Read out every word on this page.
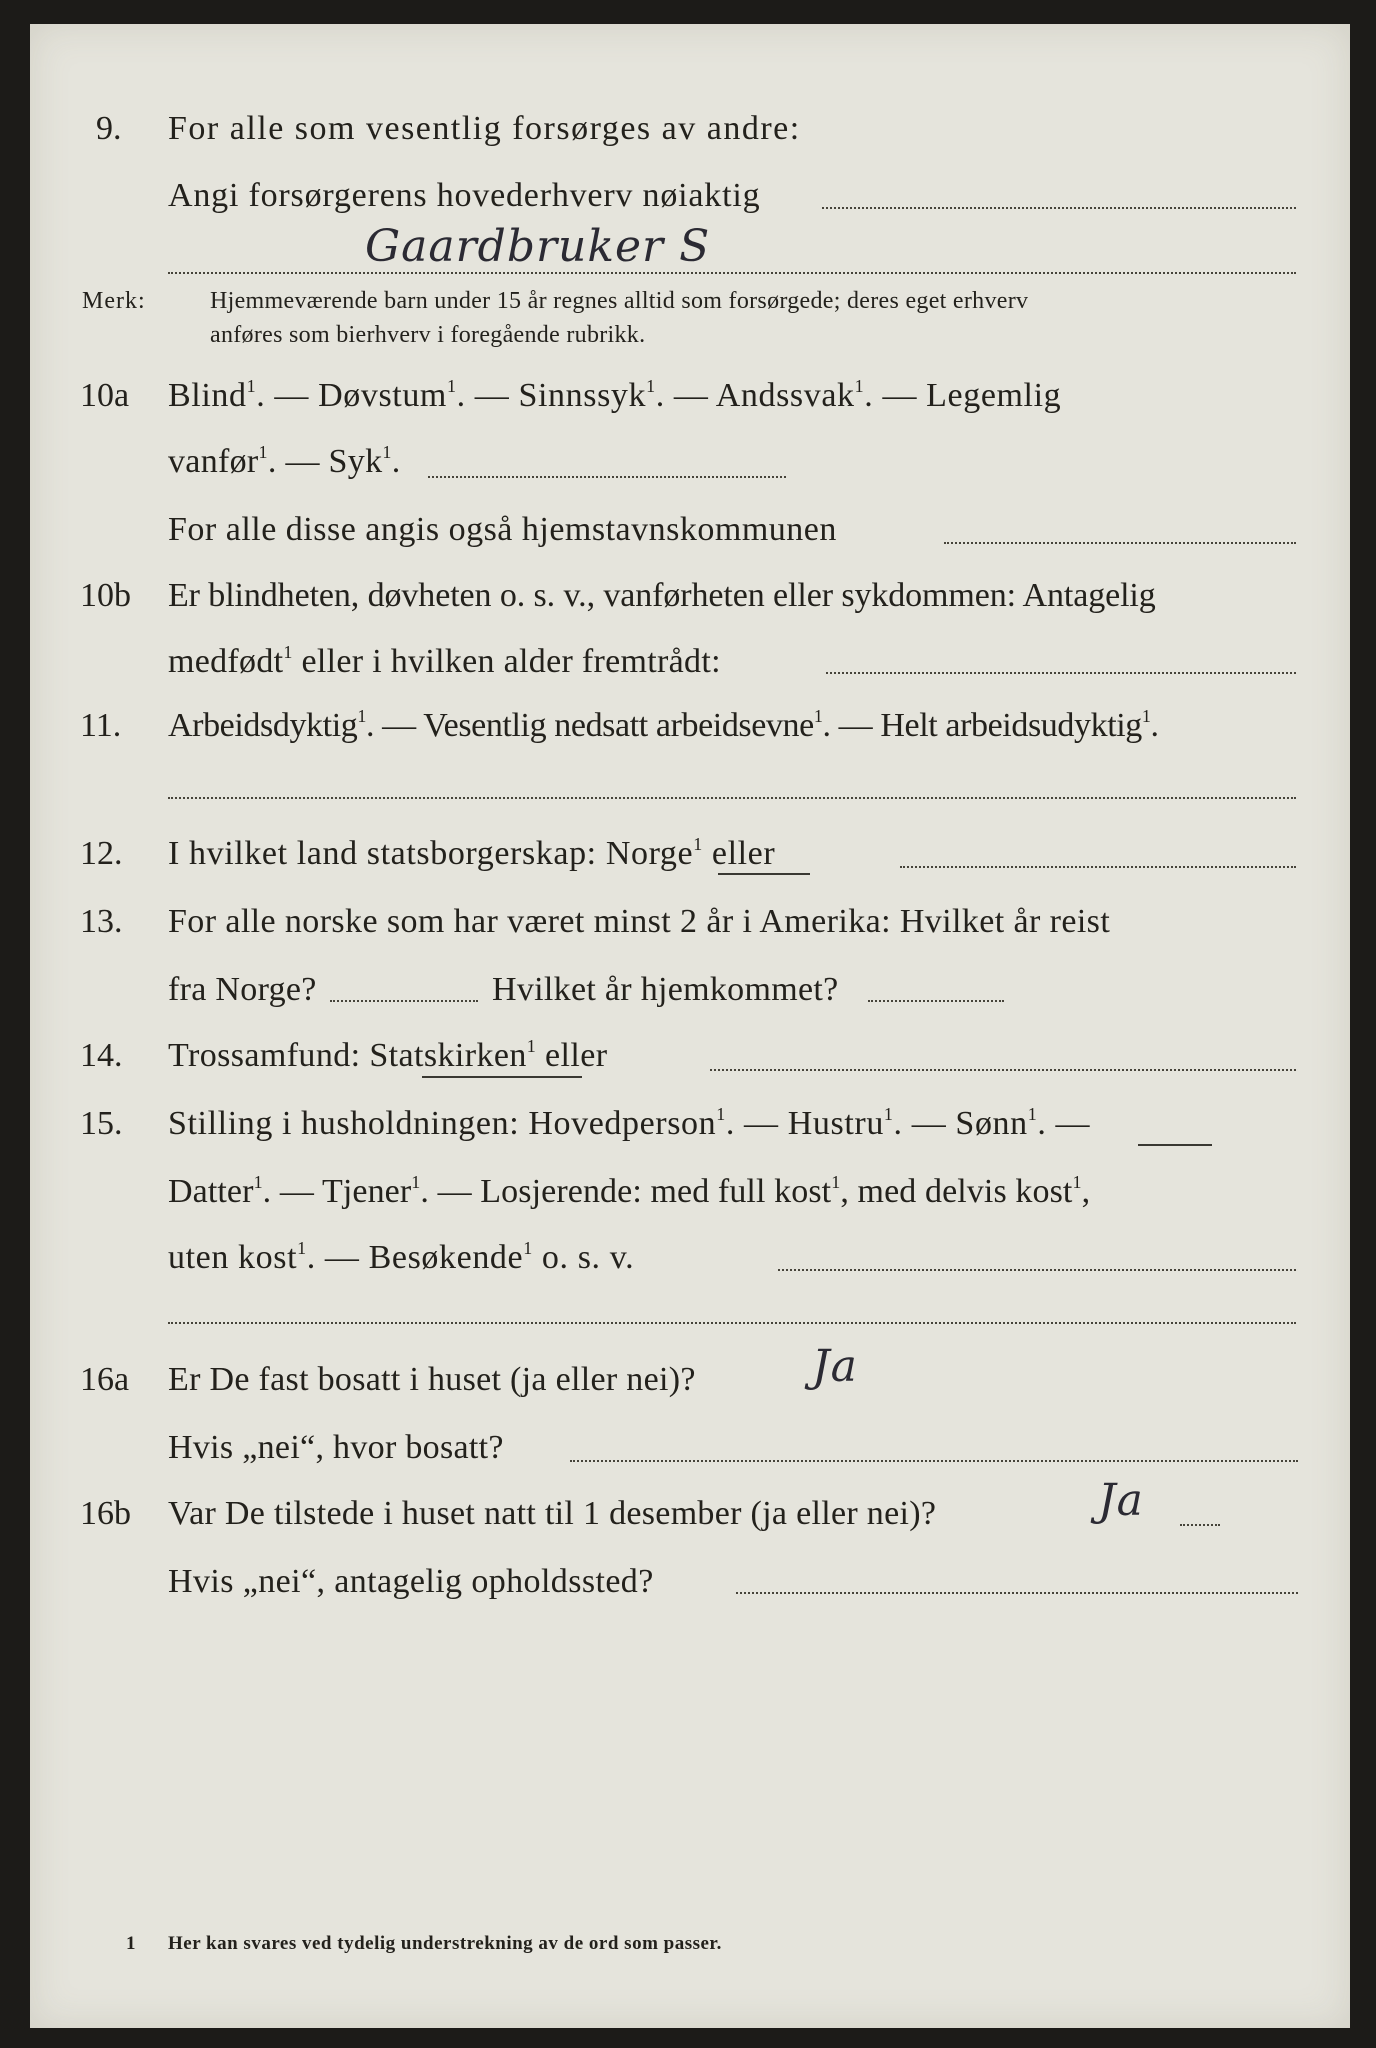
9. For alle som vesentlig forsørges av andre:
Angi forsørgerens hovederhverv nøiaktig
Gaardbruker S
Merk:	Hjemmeværende barn under 15 år regnes alltid som forsørgede; deres eget erhverv
anføres som bierhverv i foregående rubrikk.
10a Blind$^1$. — Døvstum$^1$. — Sinnssyk$^1$. — Andssvak$^1$. — Legemlig
vanfør$^1$. — Syk$^1$.
For alle disse angis også hjemstavnskommunen
10b Er blindheten, døvheten o. s. v., vanførheten eller sykdommen: Antagelig
medfødt$^1$ eller i hvilken alder fremtrådt:
11. Arbeidsdyktig$^1$. — Vesentlig nedsatt arbeidsevne$^1$. — Helt arbeidsudyktig$^1$.
12. I hvilket land statsborgerskap: Norge$^1$ eller
13. For alle norske som har været minst 2 år i Amerika: Hvilket år reist
fra Norge?	Hvilket år hjemkommet?
14. Trossamfund: Statskirken$^1$ eller
15. Stilling i husholdningen: Hovedperson$^1$. — Hustru$^1$. — Sønn$^1$. —
Datter$^1$. — Tjener$^1$. — Losjerende: med full kost$^1$, med delvis kost$^1$,
uten kost$^1$. — Besøkende$^1$ o. s. v.
16a Er De fast bosatt i huset (ja eller nei)?	Ja
Hvis „nei“, hvor bosatt?
16b Var De tilstede i huset natt til 1 desember (ja eller nei)?	Ja
Hvis „nei“, antagelig opholdssted?
1 Her kan svares ved tydelig understrekning av de ord som passer.
